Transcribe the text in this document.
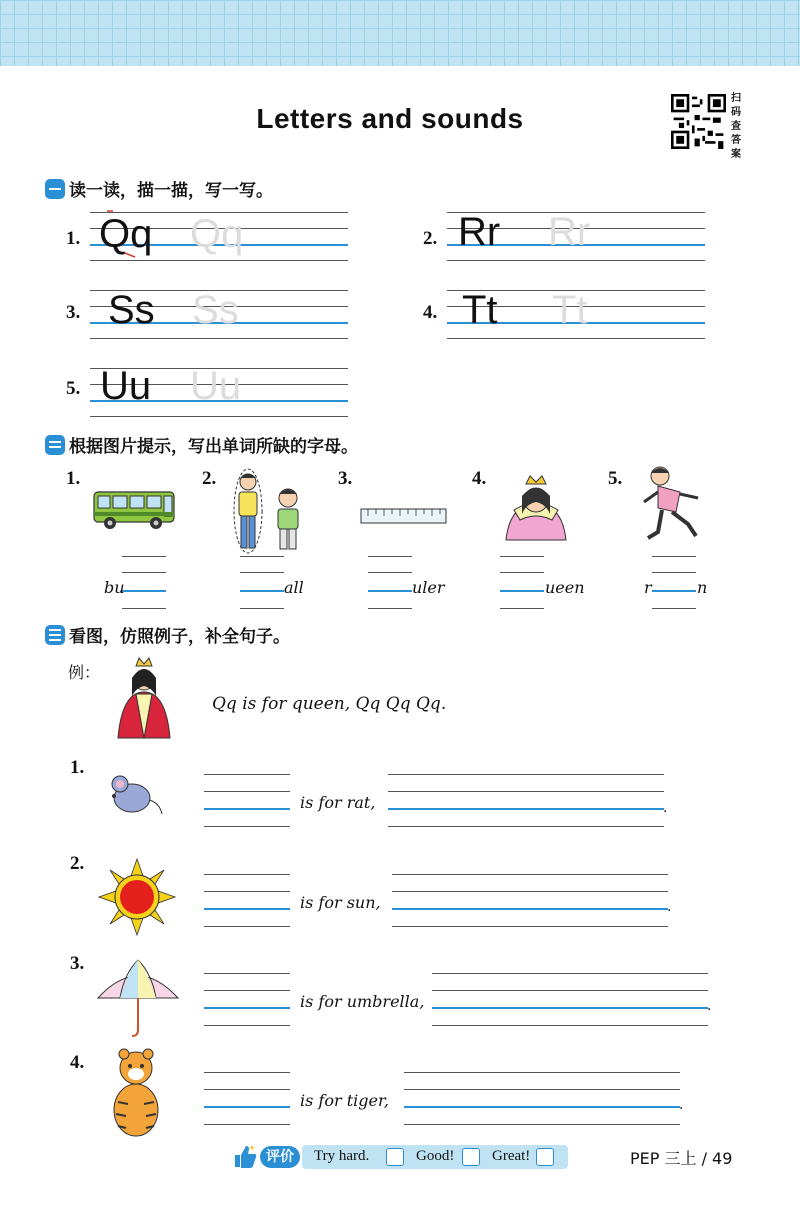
Letters and sounds
扫码查答案
读一读，描一描，写一写。
1. Qq Qq	2. Rr Rr
3. Ss Ss	4. Tt Tt
5. Uu Uu
根据图片提示，写出单词所缺的字母。
1.
bu
2.
all
3.
uler
4.
ueen
5.
r	n
看图，仿照例子，补全句子。
例：
Qq is for queen, Qq Qq Qq.
1.
is for rat,
2.
is for sun,
3.
is for umbrella,
4.
is for tiger,
.
.
.
.
评价	Try hard.	Good!	Great!	PEP 三上 / 49
